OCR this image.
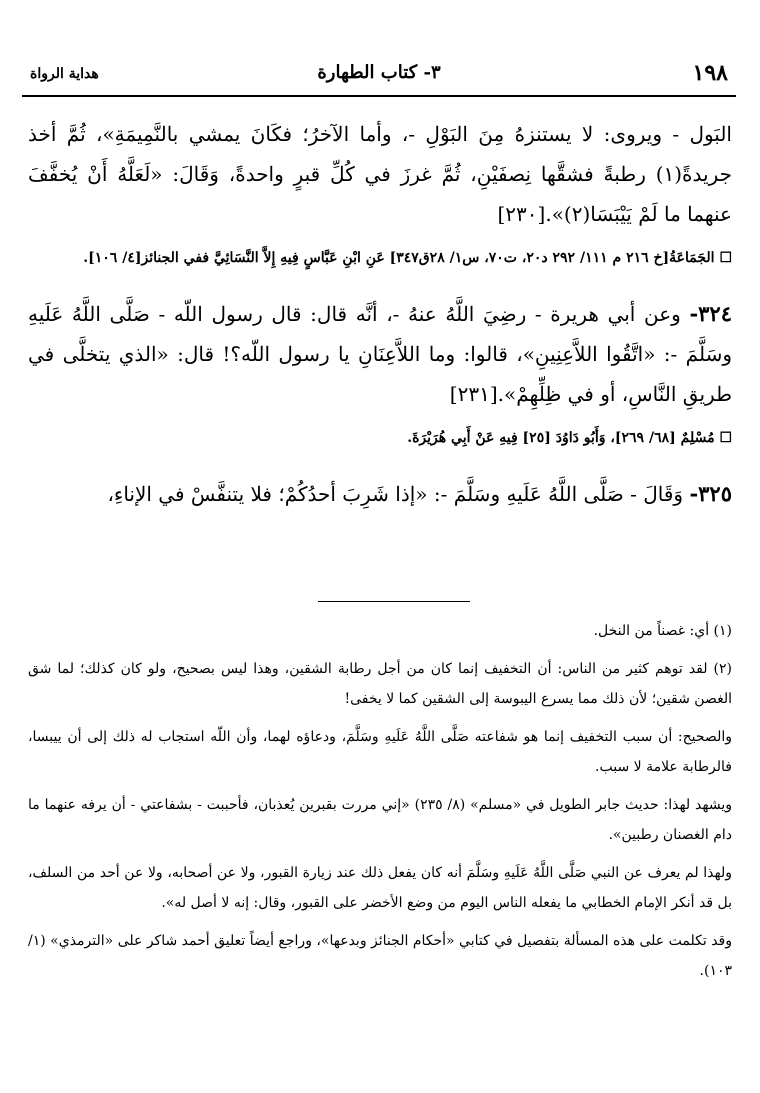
١٩٨
٣- كتاب الطهارة
هداية الرواة

البَول - ويروى: لا يستنزهُ مِنَ البَوْلِ -، وأما الآخرُ؛ فكَانَ يمشي بالنَّمِيمَةِ»، ثُمَّ أخذ جريدةً(١) رطبةً فشقَّها نِصفَيْنِ، ثُمَّ غرزَ في كُلِّ قبرٍ واحدةً، وَقَالَ: «لَعَلَّهُ أَنْ يُخفَّفَ عنهما ما لَمْ يَيْبَسَا(٢)».[٢٣٠]

☐ الجَمَاعَةُ[خ ٢١٦ م ١١١/ ٢٩٢ د٢٠، ت٧٠، س١/ ٢٨ق٣٤٧] عَنِ ابْنِ عَبَّاسٍ فِيهِ إِلاَّ النَّسَائِيَّ ففي الجنائز[٤/ ١٠٦].

٣٢٤- وعن أبي هريرة - رضِيَ اللَّهُ عنهُ -، أنَّه قال: قال رسول اللّه - صَلَّى اللَّهُ عَلَيهِ وسَلَّمَ -: «اتَّقُوا اللاَّعِنِينِ»، قالوا: وما اللاَّعِنَانِ يا رسول اللّه؟! قال: «الذي يتخلَّى في طريقِ النَّاسِ، أو في ظِلِّهِمْ».[٢٣١]

☐ مُسْلِمٌ [٦٨/ ٢٦٩]، وَأَبُو دَاوُدَ [٢٥] فِيهِ عَنْ أَبِي هُرَيْرَةَ.

٣٢٥- وَقَالَ - صَلَّى اللَّهُ عَلَيهِ وسَلَّمَ -: «إذا شَرِبَ أحدُكُمْ؛ فلا يتنفَّسْ في الإناءِ،

(١) أي: غصناً من النخل.

(٢) لقد توهم كثير من الناس: أن التخفيف إنما كان من أجل رطابة الشقين، وهذا ليس بصحيح، ولو كان كذلك؛ لما شق الغصن شقين؛ لأن ذلك مما يسرع اليبوسة إلى الشقين كما لا يخفى!

والصحيح: أن سبب التخفيف إنما هو شفاعته صَلَّى اللَّهُ عَلَيهِ وسَلَّمَ، ودعاؤه لهما، وأن اللّه استجاب له ذلك إلى أن ييبسا، فالرطابة علامة لا سبب.

ويشهد لهذا: حديث جابر الطويل في «مسلم» (٨/ ٢٣٥) «إني مررت بقبرين يُعذبان، فأحببت - بشفاعتي - أن يرفه عنهما ما دام الغصنان رطبين».

ولهذا لم يعرف عن النبي صَلَّى اللَّهُ عَلَيهِ وسَلَّمَ أنه كان يفعل ذلك عند زيارة القبور، ولا عن أصحابه، ولا عن أحد من السلف، بل قد أنكر الإمام الخطابي ما يفعله الناس اليوم من وضع الأخضر على القبور، وقال: إنه لا أصل له».

وقد تكلمت على هذه المسألة بتفصيل في كتابي «أحكام الجنائز وبدعها»، وراجع أيضاً تعليق أحمد شاكر على «الترمذي» (١/ ١٠٣).
